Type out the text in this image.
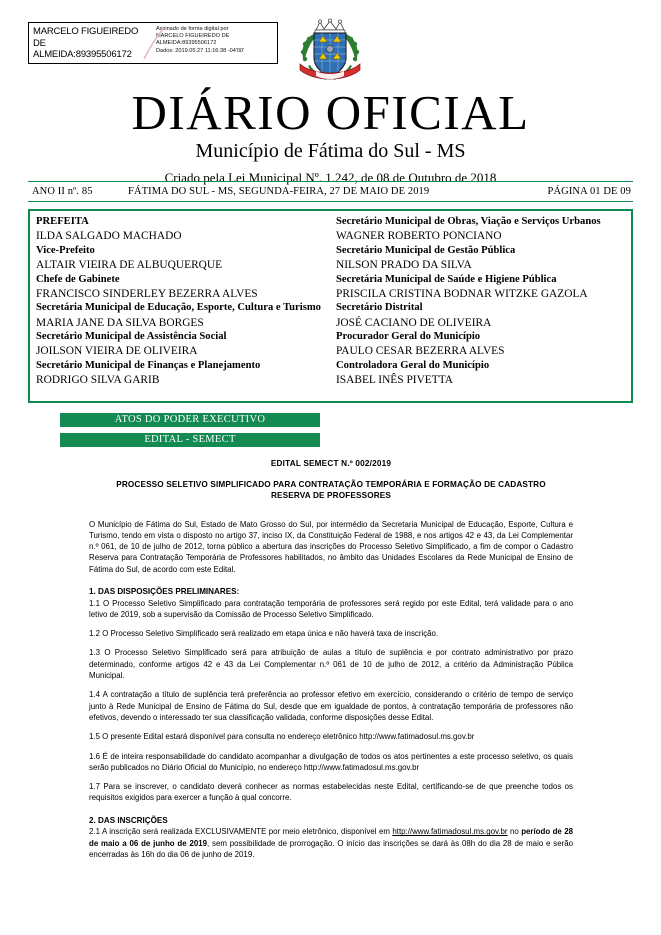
MARCELO FIGUEIREDO DE
ALMEIDA:89395506172
Assinado de forma digital por
MARCELO FIGUEIREDO DE
ALMEIDA:89395506172
Dados: 2019.05.27 11:16:38 -04'00'
DIÁRIO OFICIAL
Município de Fátima do Sul - MS
Criado pela Lei Municipal Nº. 1.242, de 08 de Outubro de 2018
ANO II nº. 85	FÁTIMA DO SUL - MS, SEGUNDA-FEIRA, 27 DE MAIO DE 2019	PÁGINA 01 DE 09
PREFEITA
ILDA SALGADO MACHADO
Vice-Prefeito
ALTAIR VIEIRA DE ALBUQUERQUE
Chefe de Gabinete
FRANCISCO SINDERLEY BEZERRA ALVES
Secretária Municipal de Educação, Esporte, Cultura e Turismo
MARIA JANE DA SILVA BORGES
Secretário Municipal de Assistência Social
JOILSON VIEIRA DE OLIVEIRA
Secretário Municipal de Finanças e Planejamento
RODRIGO SILVA GARIB
Secretário Municipal de Obras, Viação e Serviços Urbanos
WAGNER ROBERTO PONCIANO
Secretário Municipal de Gestão Pública
NILSON PRADO DA SILVA
Secretária Municipal de Saúde e Higiene Pública
PRISCILA CRISTINA BODNAR WITZKE GAZOLA
Secretário Distrital
JOSÉ CACIANO DE OLIVEIRA
Procurador Geral do Município
PAULO CESAR BEZERRA ALVES
Controladora Geral do Município
ISABEL INÊS PIVETTA
ATOS DO PODER EXECUTIVO
EDITAL - SEMECT
EDITAL SEMECT N.º 002/2019
PROCESSO SELETIVO SIMPLIFICADO PARA CONTRATAÇÃO TEMPORÁRIA E FORMAÇÃO DE CADASTRO
RESERVA DE PROFESSORES

O Município de Fátima do Sul, Estado de Mato Grosso do Sul, por intermédio da Secretaria Municipal de Educação, Esporte, Cultura e Turismo, tendo em vista o disposto no artigo 37, inciso IX, da Constituição Federal de 1988, e nos artigos 42 e 43, da Lei Complementar n.º 061, de 10 de julho de 2012, torna público a abertura das inscrições do Processo Seletivo Simplificado, a fim de compor o Cadastro Reserva para Contratação Temporária de Professores habilitados, no âmbito das Unidades Escolares da Rede Municipal de Ensino de Fátima do Sul, de acordo com este Edital.

1. DAS DISPOSIÇÕES PRELIMINARES:

1.1 O Processo Seletivo Simplificado para contratação temporária de professores será regido por este Edital, terá validade para o ano letivo de 2019, sob a supervisão da Comissão de Processo Seletivo Simplificado.

1.2 O Processo Seletivo Simplificado será realizado em etapa única e não haverá taxa de inscrição.

1.3 O Processo Seletivo Simplificado será para atribuição de aulas a título de suplência e por contrato administrativo por prazo determinado, conforme artigos 42 e 43 da Lei Complementar n.º 061 de 10 de julho de 2012, a critério da Administração Pública Municipal.

1.4 A contratação a título de suplência terá preferência ao professor efetivo em exercício, considerando o critério de tempo de serviço junto à Rede Municipal de Ensino de Fátima do Sul, desde que em igualdade de pontos, à contratação temporária de professores não efetivos, devendo o interessado ter sua classificação validada, conforme disposições desse Edital.

1.5 O presente Edital estará disponível para consulta no endereço eletrônico http://www.fatimadosul.ms.gov.br

1.6 É de inteira responsabilidade do candidato acompanhar a divulgação de todos os atos pertinentes a este processo seletivo, os quais serão publicados no Diário Oficial do Município, no endereço http://www.fatimadosul.ms.gov.br

1.7 Para se inscrever, o candidato deverá conhecer as normas estabelecidas neste Edital, certificando-se de que preenche todos os requisitos exigidos para exercer a função à qual concorre.

2. DAS INSCRIÇÕES

2.1 A inscrição será realizada EXCLUSIVAMENTE por meio eletrônico, disponível em http://www.fatimadosul.ms.gov.br no período de 28 de maio a 06 de junho de 2019, sem possibilidade de prorrogação. O início das inscrições se dará às 08h do dia 28 de maio e serão encerradas às 16h do dia 06 de junho de 2019.
